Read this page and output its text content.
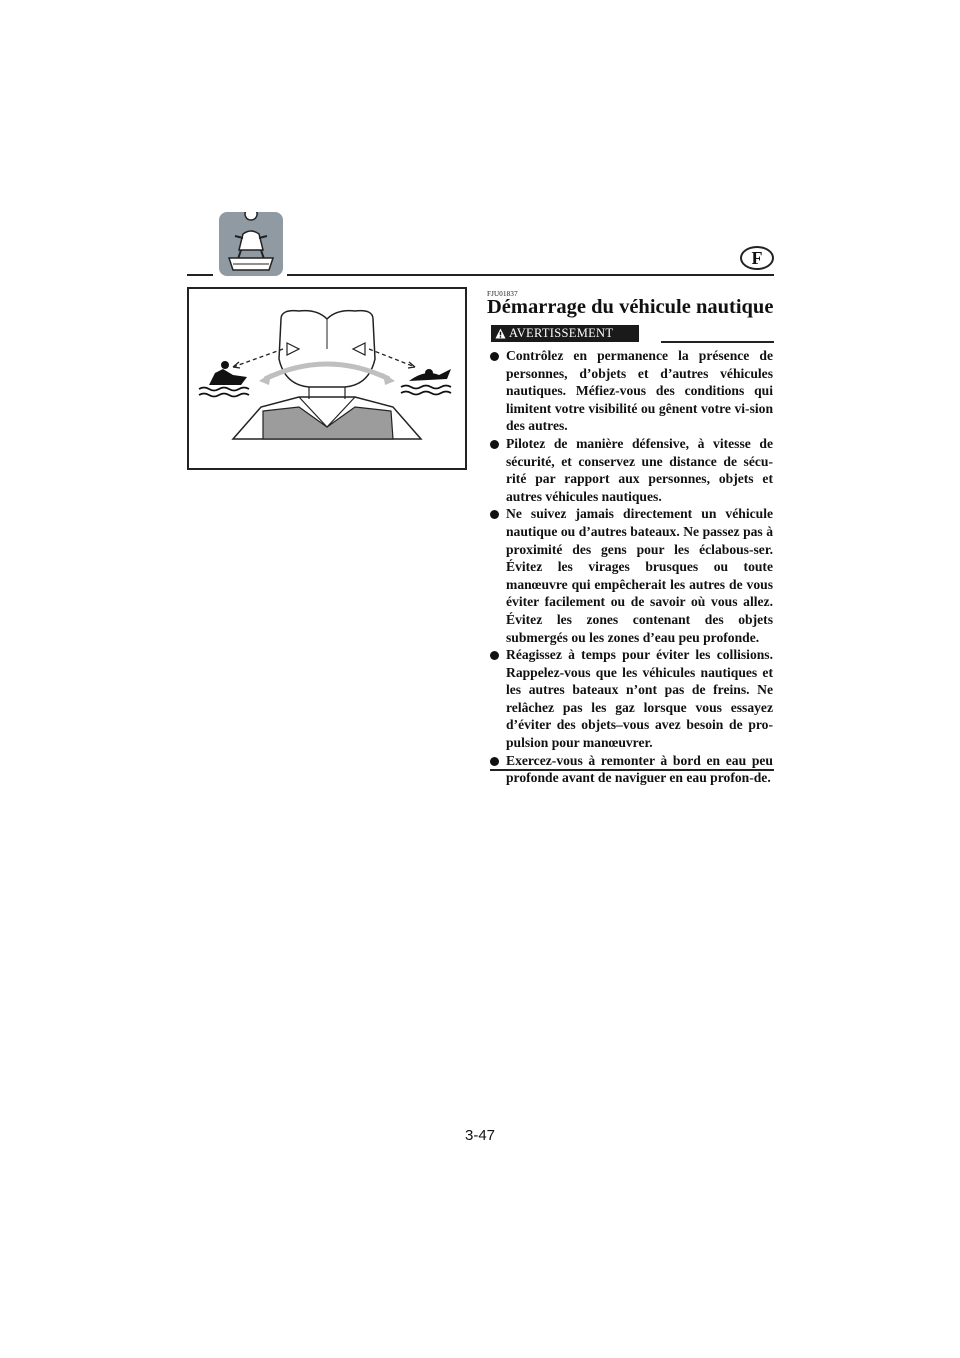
F
FJU01837
Démarrage du véhicule nautique
AVERTISSEMENT
Contrôlez en permanence la présence de personnes, d’objets et d’autres véhicules nautiques. Méfiez-vous des conditions qui limitent votre visibilité ou gênent votre vi-sion des autres.
Pilotez de manière défensive, à vitesse de sécurité, et conservez une distance de sécu-rité par rapport aux personnes, objets et autres véhicules nautiques.
Ne suivez jamais directement un véhicule nautique ou d’autres bateaux. Ne passez pas à proximité des gens pour les éclabous-ser. Évitez les virages brusques ou toute manœuvre qui empêcherait les autres de vous éviter facilement ou de savoir où vous allez. Évitez les zones contenant des objets submergés ou les zones d’eau peu profonde.
Réagissez à temps pour éviter les collisions. Rappelez-vous que les véhicules nautiques et les autres bateaux n’ont pas de freins. Ne relâchez pas les gaz lorsque vous essayez d’éviter des objets–vous avez besoin de pro-pulsion pour manœuvrer.
Exercez-vous à remonter à bord en eau peu profonde avant de naviguer en eau profon-de.
3-47
